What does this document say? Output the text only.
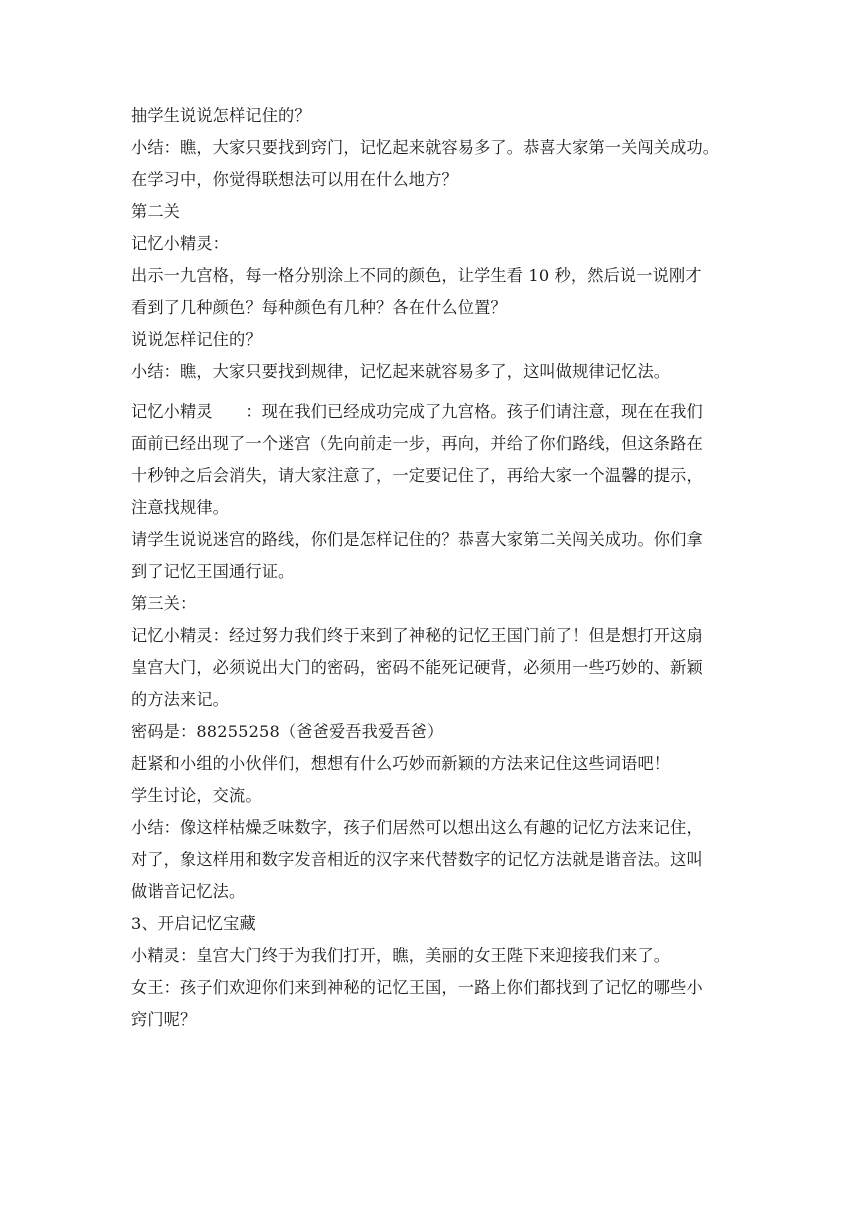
抽学生说说怎样记住的？
小结：瞧，大家只要找到窍门，记忆起来就容易多了。恭喜大家第一关闯关成功。
在学习中，你觉得联想法可以用在什么地方？
第二关
记忆小精灵：
出示一九宫格，每一格分别涂上不同的颜色，让学生看 10 秒，然后说一说刚才
看到了几种颜色？每种颜色有几种？各在什么位置？
说说怎样记住的？
小结：瞧，大家只要找到规律，记忆起来就容易多了，这叫做规律记忆法。
记忆小精灵　　：现在我们已经成功完成了九宫格。孩子们请注意，现在在我们
面前已经出现了一个迷宫（先向前走一步，再向，并给了你们路线，但这条路在
十秒钟之后会消失，请大家注意了，一定要记住了，再给大家一个温馨的提示，
注意找规律。
请学生说说迷宫的路线，你们是怎样记住的？恭喜大家第二关闯关成功。你们拿
到了记忆王国通行证。
第三关：
记忆小精灵：经过努力我们终于来到了神秘的记忆王国门前了！但是想打开这扇
皇宫大门，必须说出大门的密码，密码不能死记硬背，必须用一些巧妙的、新颖
的方法来记。
密码是：88255258（爸爸爱吾我爱吾爸）
赶紧和小组的小伙伴们，想想有什么巧妙而新颖的方法来记住这些词语吧！
学生讨论，交流。
小结：像这样枯燥乏味数字，孩子们居然可以想出这么有趣的记忆方法来记住，
对了，象这样用和数字发音相近的汉字来代替数字的记忆方法就是谐音法。这叫
做谐音记忆法。
3、开启记忆宝藏
小精灵：皇宫大门终于为我们打开，瞧，美丽的女王陛下来迎接我们来了。
女王：孩子们欢迎你们来到神秘的记忆王国，一路上你们都找到了记忆的哪些小
窍门呢？
